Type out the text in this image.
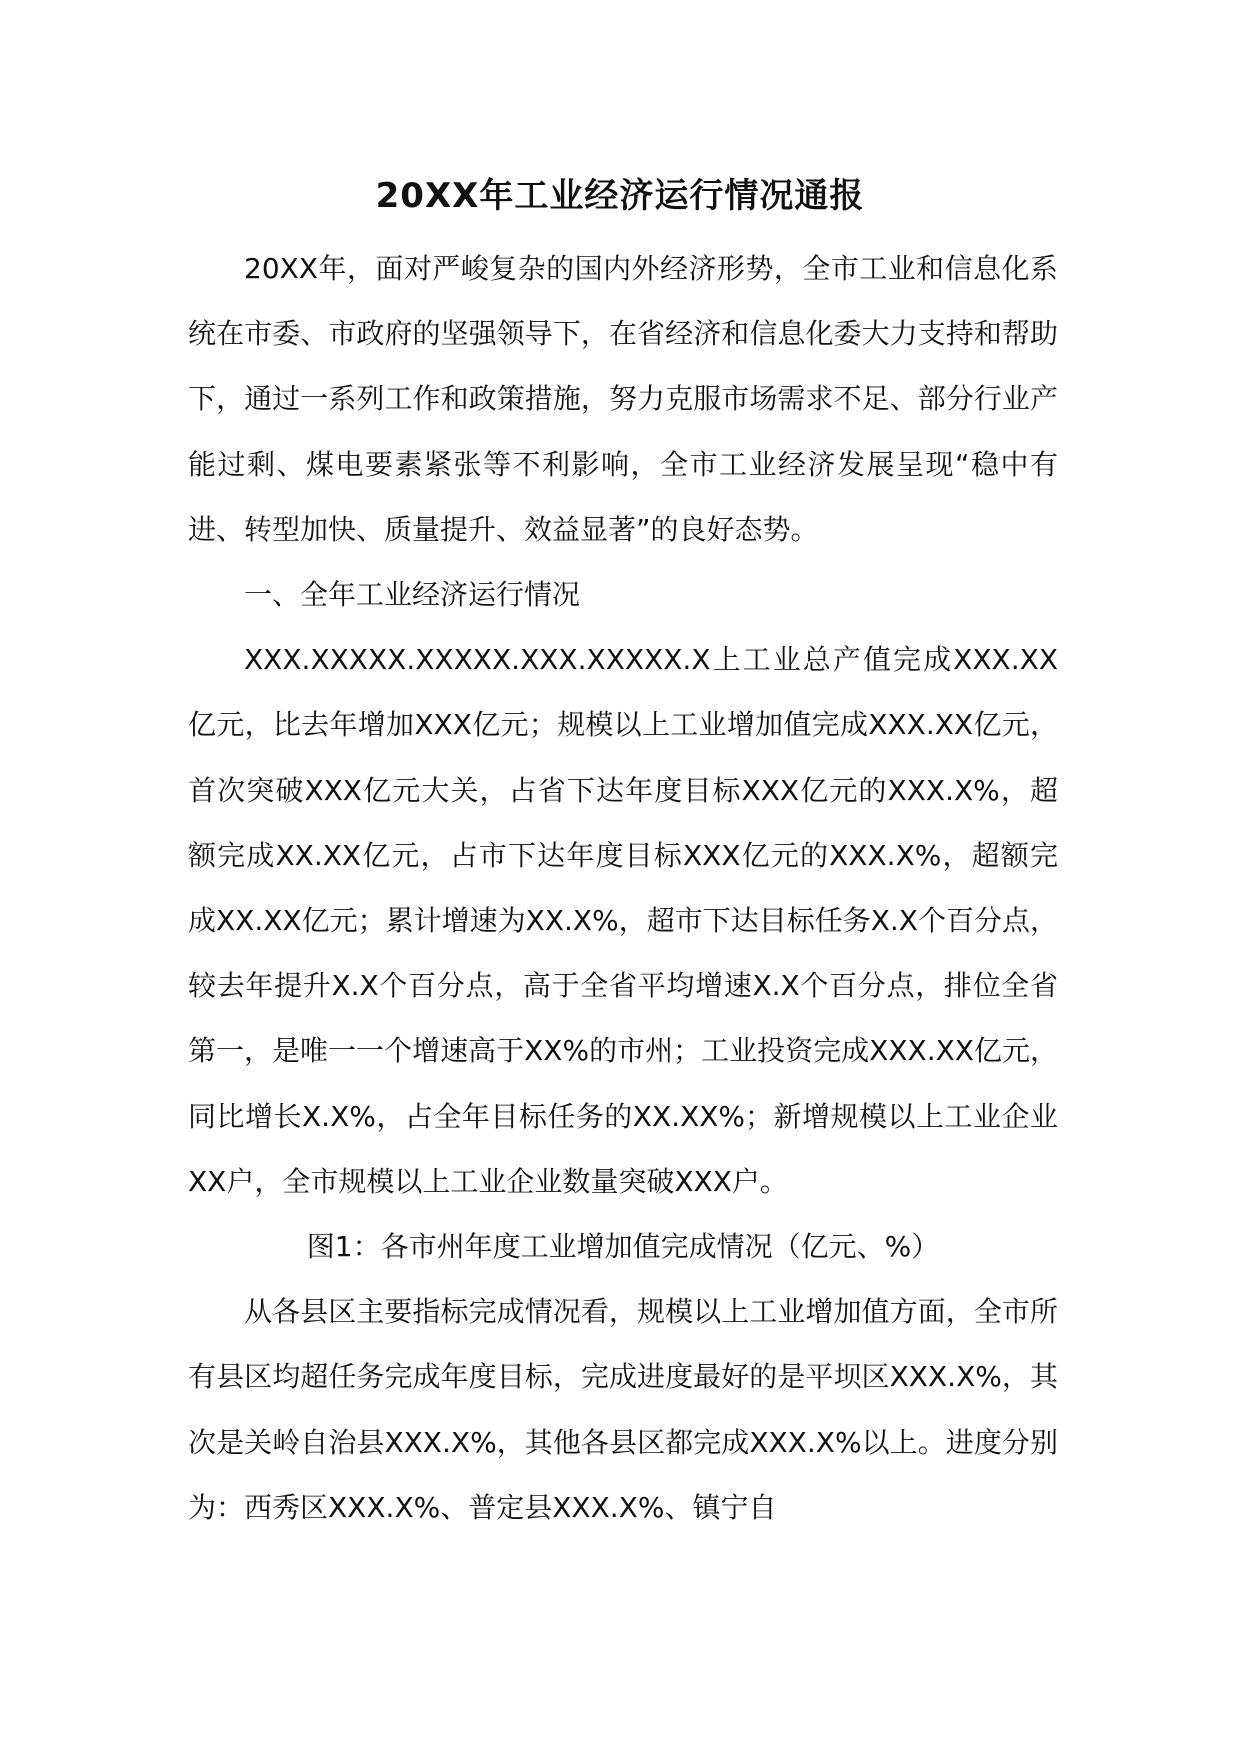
20XX年工业经济运行情况通报

20XX年，面对严峻复杂的国内外经济形势，全市工业和信息化系统在市委、市政府的坚强领导下，在省经济和信息化委大力支持和帮助下，通过一系列工作和政策措施，努力克服市场需求不足、部分行业产能过剩、煤电要素紧张等不利影响，全市工业经济发展呈现“稳中有进、转型加快、质量提升、效益显著”的良好态势。

一、全年工业经济运行情况

XXX.XXXXX.XXXXX.XXX.XXXXX.X上工业总产值完成XXX.XX亿元，比去年增加XXX亿元；规模以上工业增加值完成XXX.XX亿元，首次突破XXX亿元大关，占省下达年度目标XXX亿元的XXX.X%，超额完成XX.XX亿元，占市下达年度目标XXX亿元的XXX.X%，超额完成XX.XX亿元；累计增速为XX.X%，超市下达目标任务X.X个百分点，较去年提升X.X个百分点，高于全省平均增速X.X个百分点，排位全省第一，是唯一一个增速高于XX%的市州；工业投资完成XXX.XX亿元，同比增长X.X%，占全年目标任务的XX.XX%；新增规模以上工业企业XX户，全市规模以上工业企业数量突破XXX户。

图1：各市州年度工业增加值完成情况（亿元、%）

从各县区主要指标完成情况看，规模以上工业增加值方面，全市所有县区均超任务完成年度目标，完成进度最好的是平坝区XXX.X%，其次是关岭自治县XXX.X%，其他各县区都完成XXX.X%以上。进度分别为：西秀区XXX.X%、普定县XXX.X%、镇宁自
